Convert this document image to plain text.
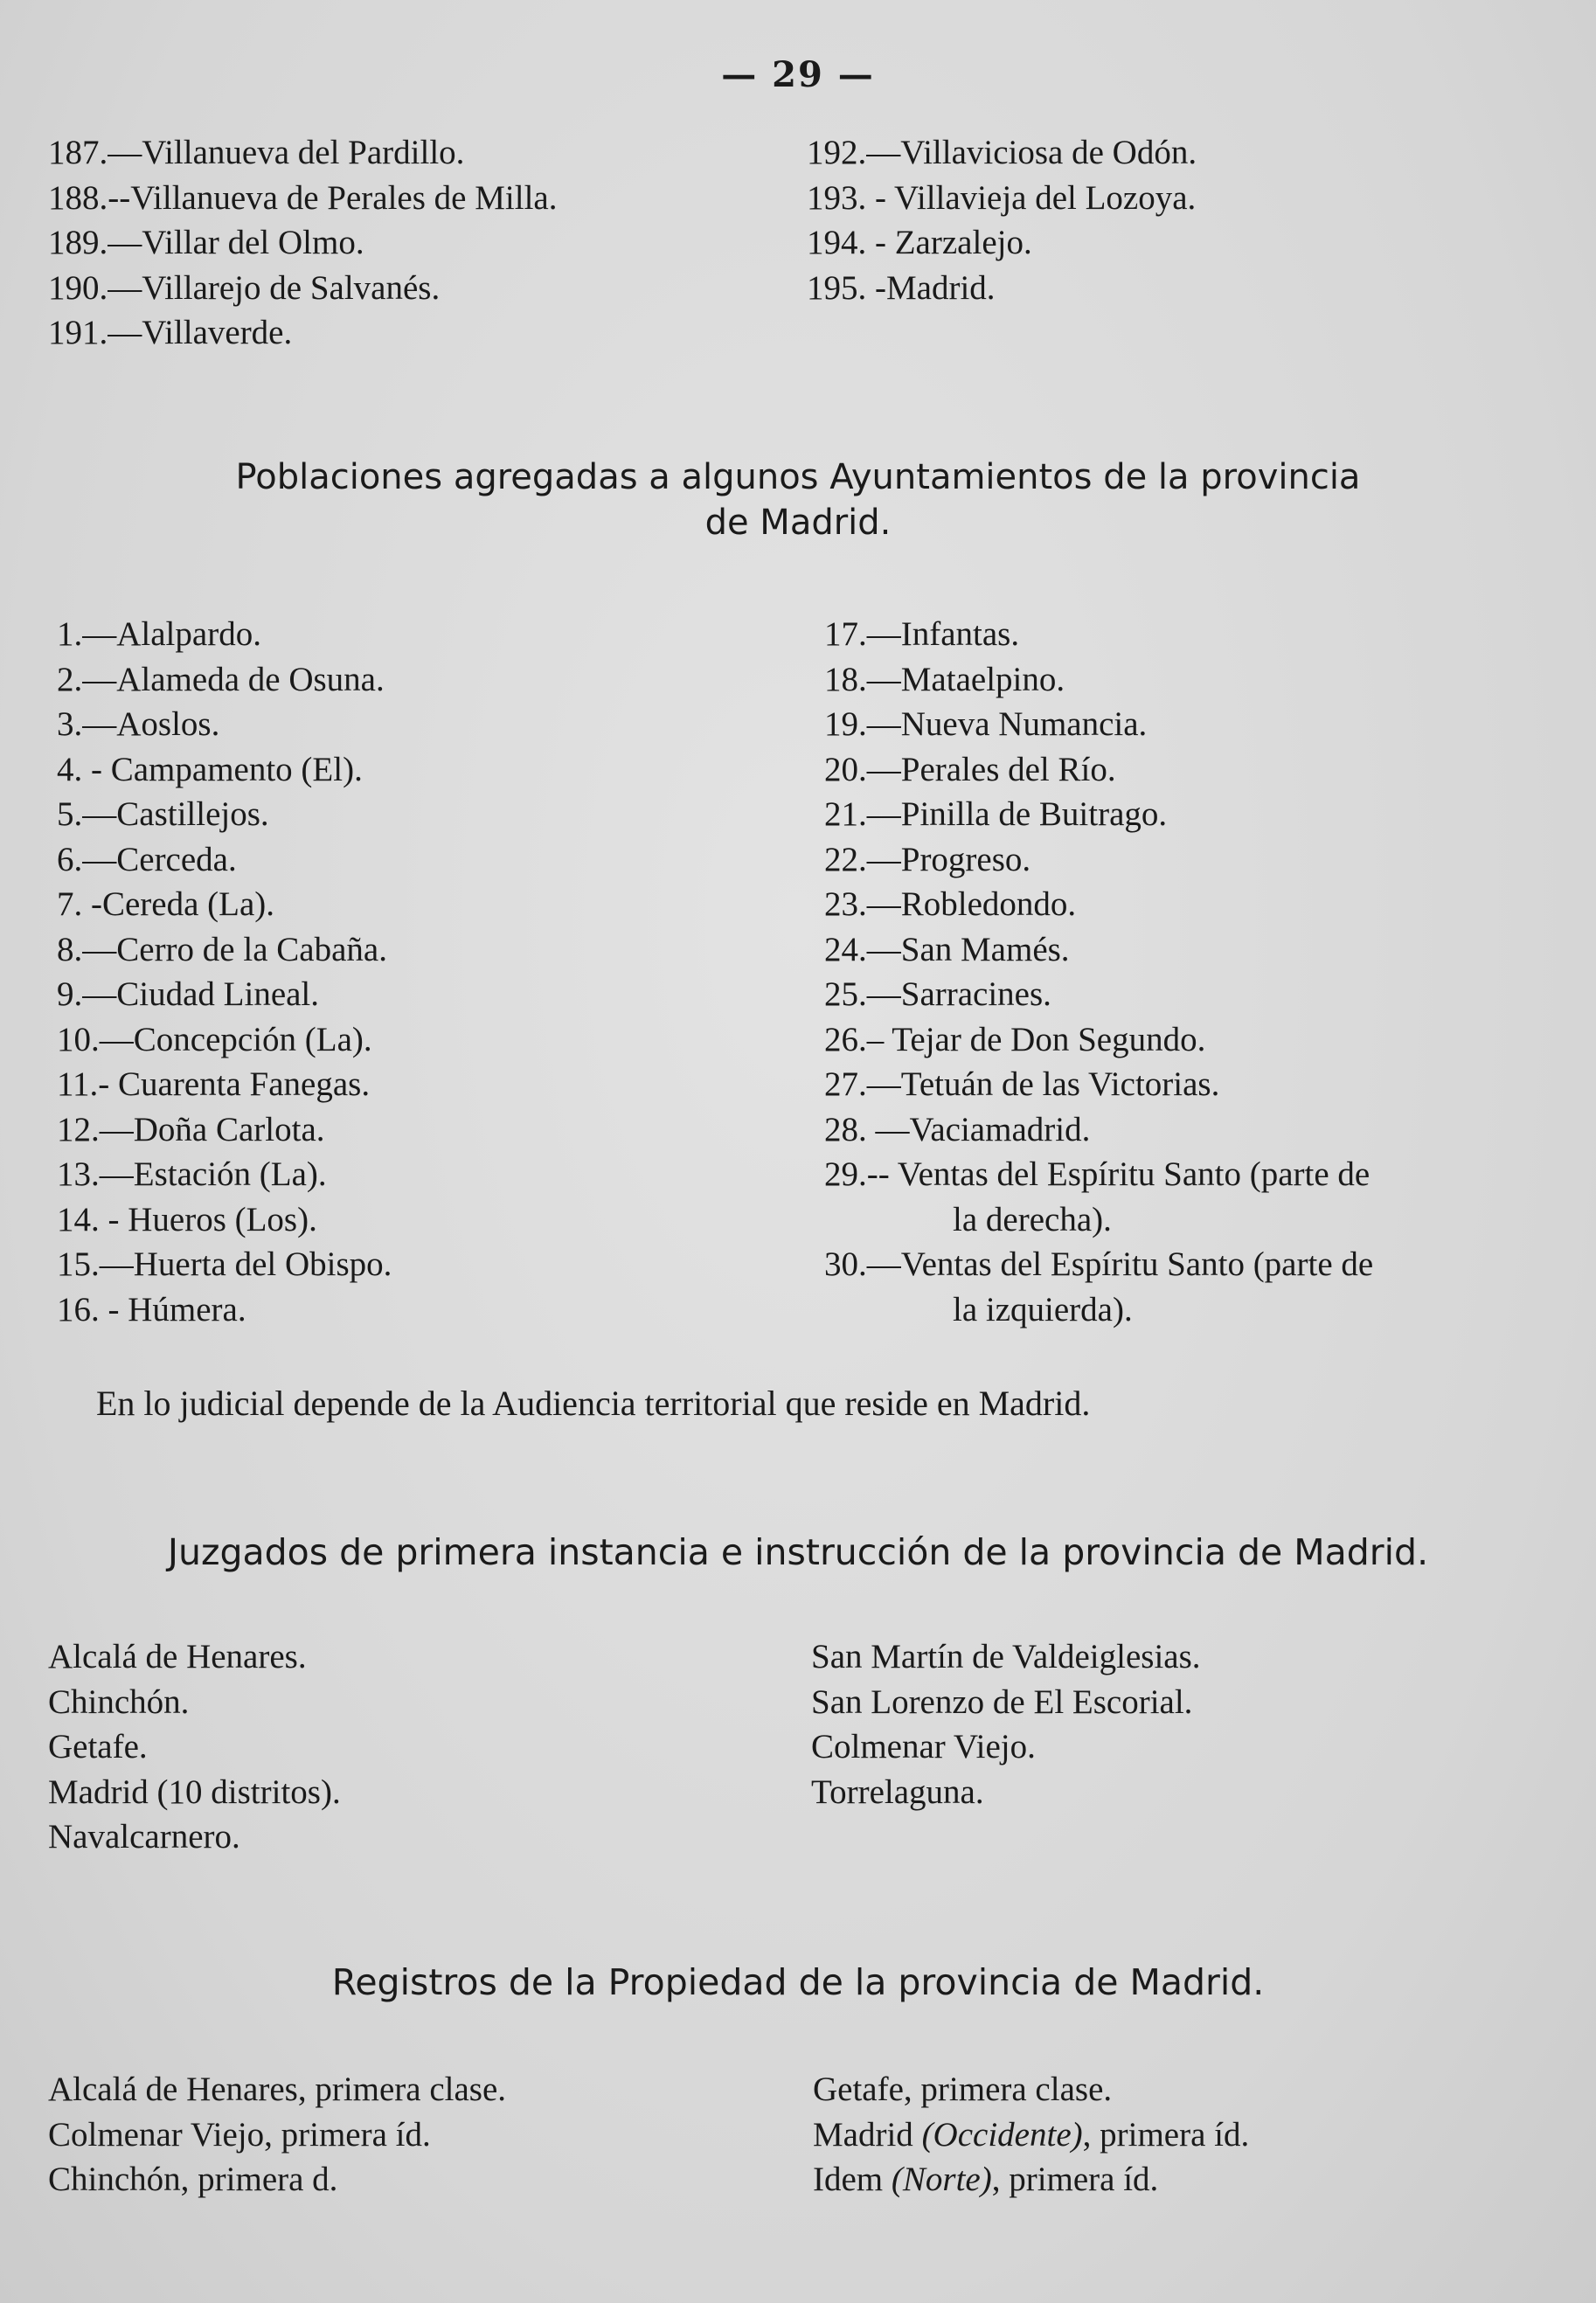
— 29 —
187.—Villanueva del Pardillo.
188.--Villanueva de Perales de Milla.
189.—Villar del Olmo.
190.—Villarejo de Salvanés.
191.—Villaverde.
192.—Villaviciosa de Odón.
193. - Villavieja del Lozoya.
194. - Zarzalejo.
195. -Madrid.
Poblaciones agregadas a algunos Ayuntamientos de la provincia
de Madrid.
1.—Alalpardo.
2.—Alameda de Osuna.
3.—Aoslos.
4. - Campamento (El).
5.—Castillejos.
6.—Cerceda.
7. -Cereda (La).
8.—Cerro de la Cabaña.
9.—Ciudad Lineal.
10.—Concepción (La).
11.- Cuarenta Fanegas.
12.—Doña Carlota.
13.—Estación (La).
14. - Hueros (Los).
15.—Huerta del Obispo.
16. - Húmera.
17.—Infantas.
18.—Mataelpino.
19.—Nueva Numancia.
20.—Perales del Río.
21.—Pinilla de Buitrago.
22.—Progreso.
23.—Robledondo.
24.—San Mamés.
25.—Sarracines.
26.– Tejar de Don Segundo.
27.—Tetuán de las Victorias.
28. —Vaciamadrid.
29.-- Ventas del Espíritu Santo (parte de
la derecha).
30.—Ventas del Espíritu Santo (parte de
la izquierda).
En lo judicial depende de la Audiencia territorial que reside en Madrid.
Juzgados de primera instancia e instrucción de la provincia de Madrid.
Alcalá de Henares.
Chinchón.
Getafe.
Madrid (10 distritos).
Navalcarnero.
San Martín de Valdeiglesias.
San Lorenzo de El Escorial.
Colmenar Viejo.
Torrelaguna.
Registros de la Propiedad de la provincia de Madrid.
Alcalá de Henares, primera clase.
Colmenar Viejo, primera íd.
Chinchón, primera d.
Getafe, primera clase.
Madrid (Occidente), primera íd.
Idem (Norte), primera íd.
